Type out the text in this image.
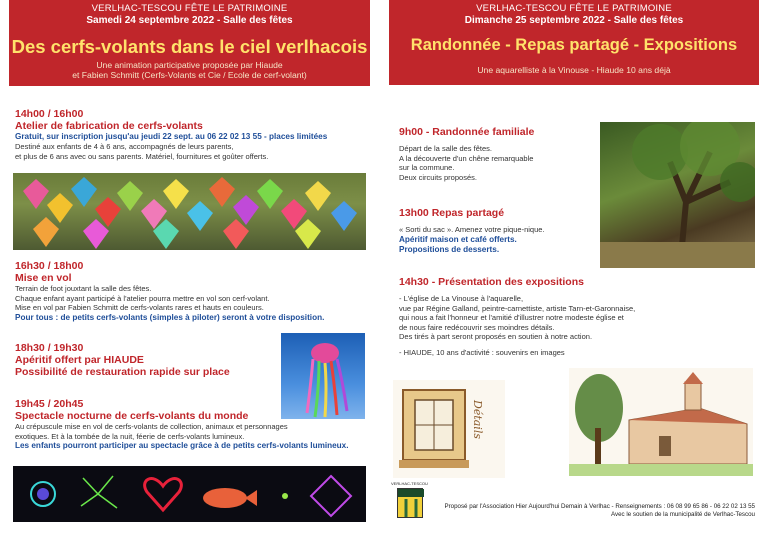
VERLHAC-TESCOU FÊTE LE PATRIMOINE
Samedi 24 septembre 2022 - Salle des fêtes
Des cerfs-volants dans le ciel verlhacois
Une animation participative proposée par Hiaude
et Fabien Schmitt (Cerfs-Volants et Cie / Ecole de cerf-volant)
14h00 / 16h00
Atelier de fabrication de cerfs-volants
Gratuit, sur inscription jusqu'au jeudi 22 sept. au 06 22 02 13 55 - places limitées
Destiné aux enfants de 4 à 6 ans, accompagnés de leurs parents,
et plus de 6 ans avec ou sans parents. Matériel, fournitures et goûter offerts.
16h30 / 18h00
Mise en vol
Terrain de foot jouxtant la salle des fêtes.
Chaque enfant ayant participé à l'atelier pourra mettre en vol son cerf-volant.
Mise en vol par Fabien Schmitt de cerfs-volants rares et hauts en couleurs.
Pour tous : de petits cerfs-volants (simples à piloter) seront à votre disposition.
18h30 / 19h30
Apéritif offert par HIAUDE
Possibilité de restauration rapide sur place
19h45 / 20h45
Spectacle nocturne de cerfs-volants du monde
Au crépuscule mise en vol de cerfs-volants de collection, animaux et personnages
exotiques. Et à la tombée de la nuit, féerie de cerfs-volants lumineux.
Les enfants pourront participer au spectacle grâce à de petits cerfs-volants lumineux.
VERLHAC-TESCOU FÊTE LE PATRIMOINE
Dimanche 25 septembre 2022 - Salle des fêtes
Randonnée - Repas partagé - Expositions
Une aquarelliste à la Vinouse - Hiaude 10 ans déjà
9h00 - Randonnée familiale
Départ de la salle des fêtes.
A la découverte d'un chêne remarquable
sur la commune.
Deux circuits proposés.
13h00 Repas partagé
« Sorti du sac ». Amenez votre pique-nique.
Apéritif maison et café offerts.
Propositions de desserts.
14h30 - Présentation des expositions
- L'église de La Vinouse à l'aquarelle,
vue par Régine Galland, peintre-carnettiste, artiste Tarn-et-Garonnaise,
qui nous a fait l'honneur et l'amitié d'illustrer notre modeste église et
de nous faire redécouvrir ses moindres détails.
Des tirés à part seront proposés en soutien à notre action.
- HIAUDE, 10 ans d'activité : souvenirs en images
Détails
VERLHAC-TESCOU
Proposé par l'Association Hier Aujourd'hui Demain à Verlhac - Renseignements : 06 08 99 65 86 - 06 22 02 13 55
Avec le soutien de la municipalité de Verlhac-Tescou
